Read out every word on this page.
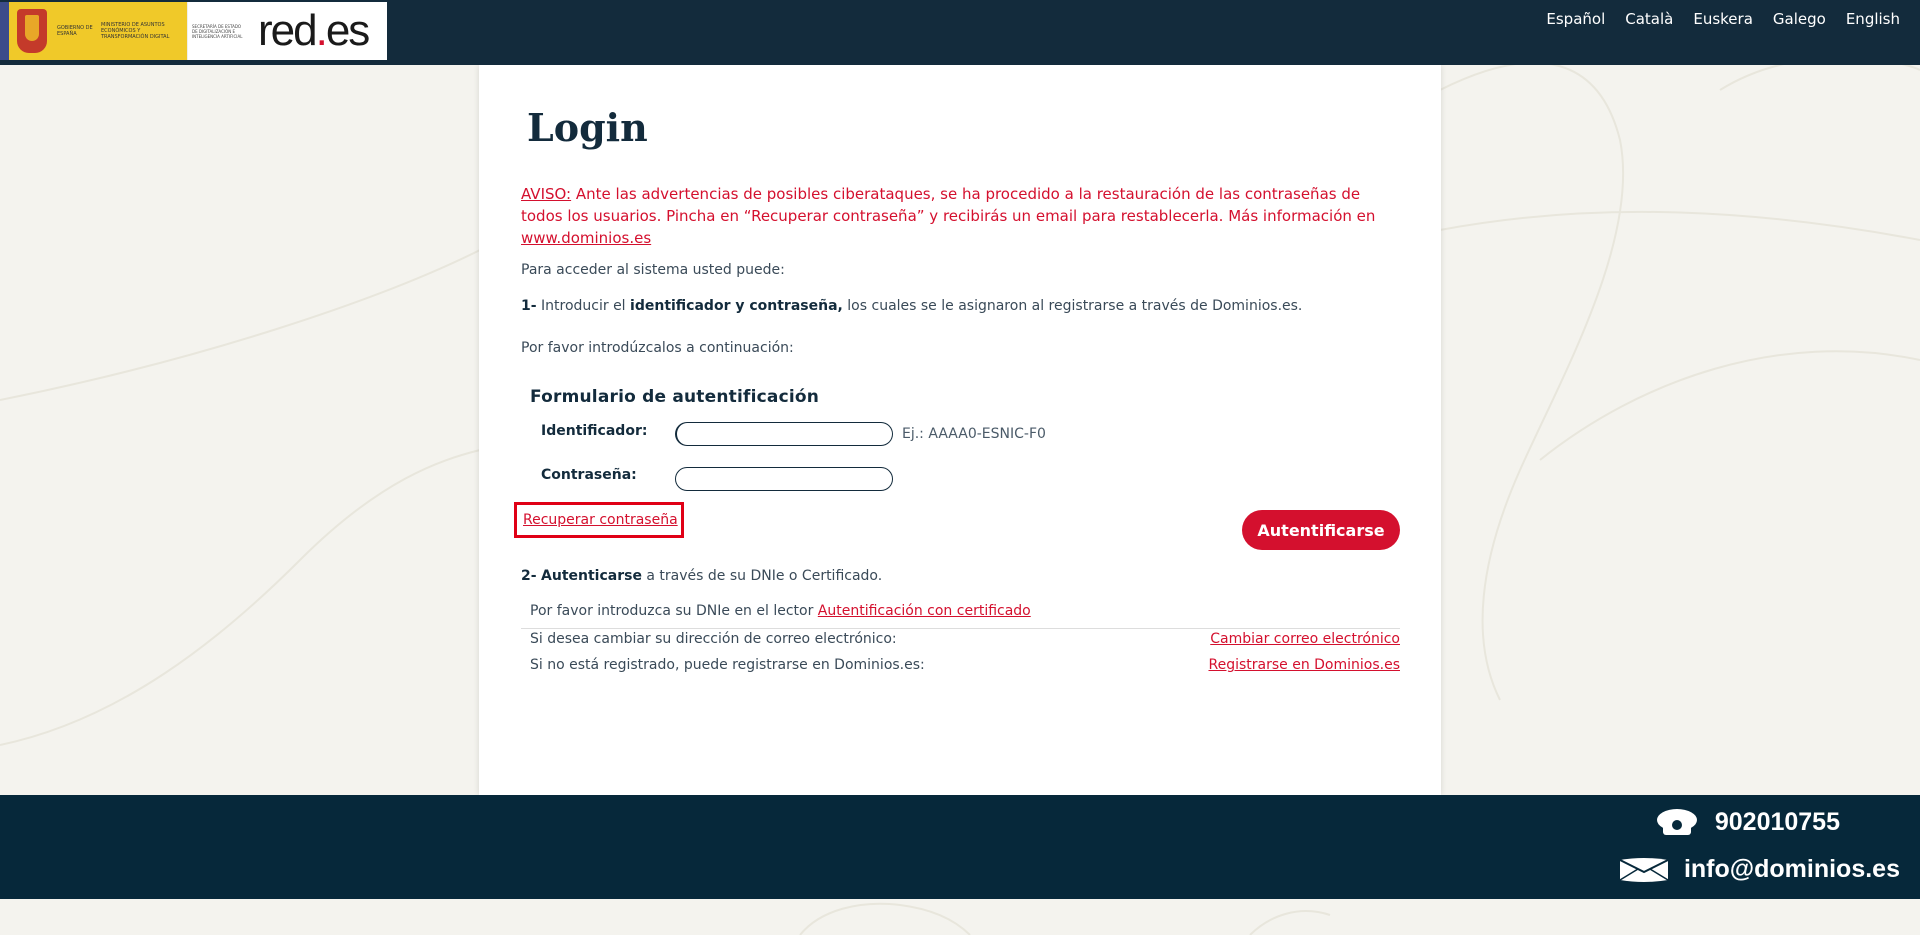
GOBIERNO DE ESPAÑA
MINISTERIO DE ASUNTOS ECONÓMICOS Y TRANSFORMACIÓN DIGITAL
SECRETARÍA DE ESTADO DE DIGITALIZACIÓN E INTELIGENCIA ARTIFICIAL red.es	Español Català Euskera Galego English
Login

AVISO: Ante las advertencias de posibles ciberataques, se ha procedido a la restauración de las contraseñas de todos los usuarios. Pincha en “Recuperar contraseña” y recibirás un email para restablecerla. Más información en www.dominios.es

Para acceder al sistema usted puede:

1- Introducir el identificador y contraseña, los cuales se le asignaron al registrarse a través de Dominios.es.

Por favor introdúzcalos a continuación:

Formulario de autentificación
Identificador:	Ej.: AAAA0-ESNIC-F0
Contraseña:
Recuperar contraseña
Autentificarse

2- Autenticarse a través de su DNIe o Certificado.

Por favor introduzca su DNIe en el lector Autentificación con certificado
Si desea cambiar su dirección de correo electrónico:	Cambiar correo electrónico
Si no está registrado, puede registrarse en Dominios.es:	Registrarse en Dominios.es
902010755
info@dominios.es
